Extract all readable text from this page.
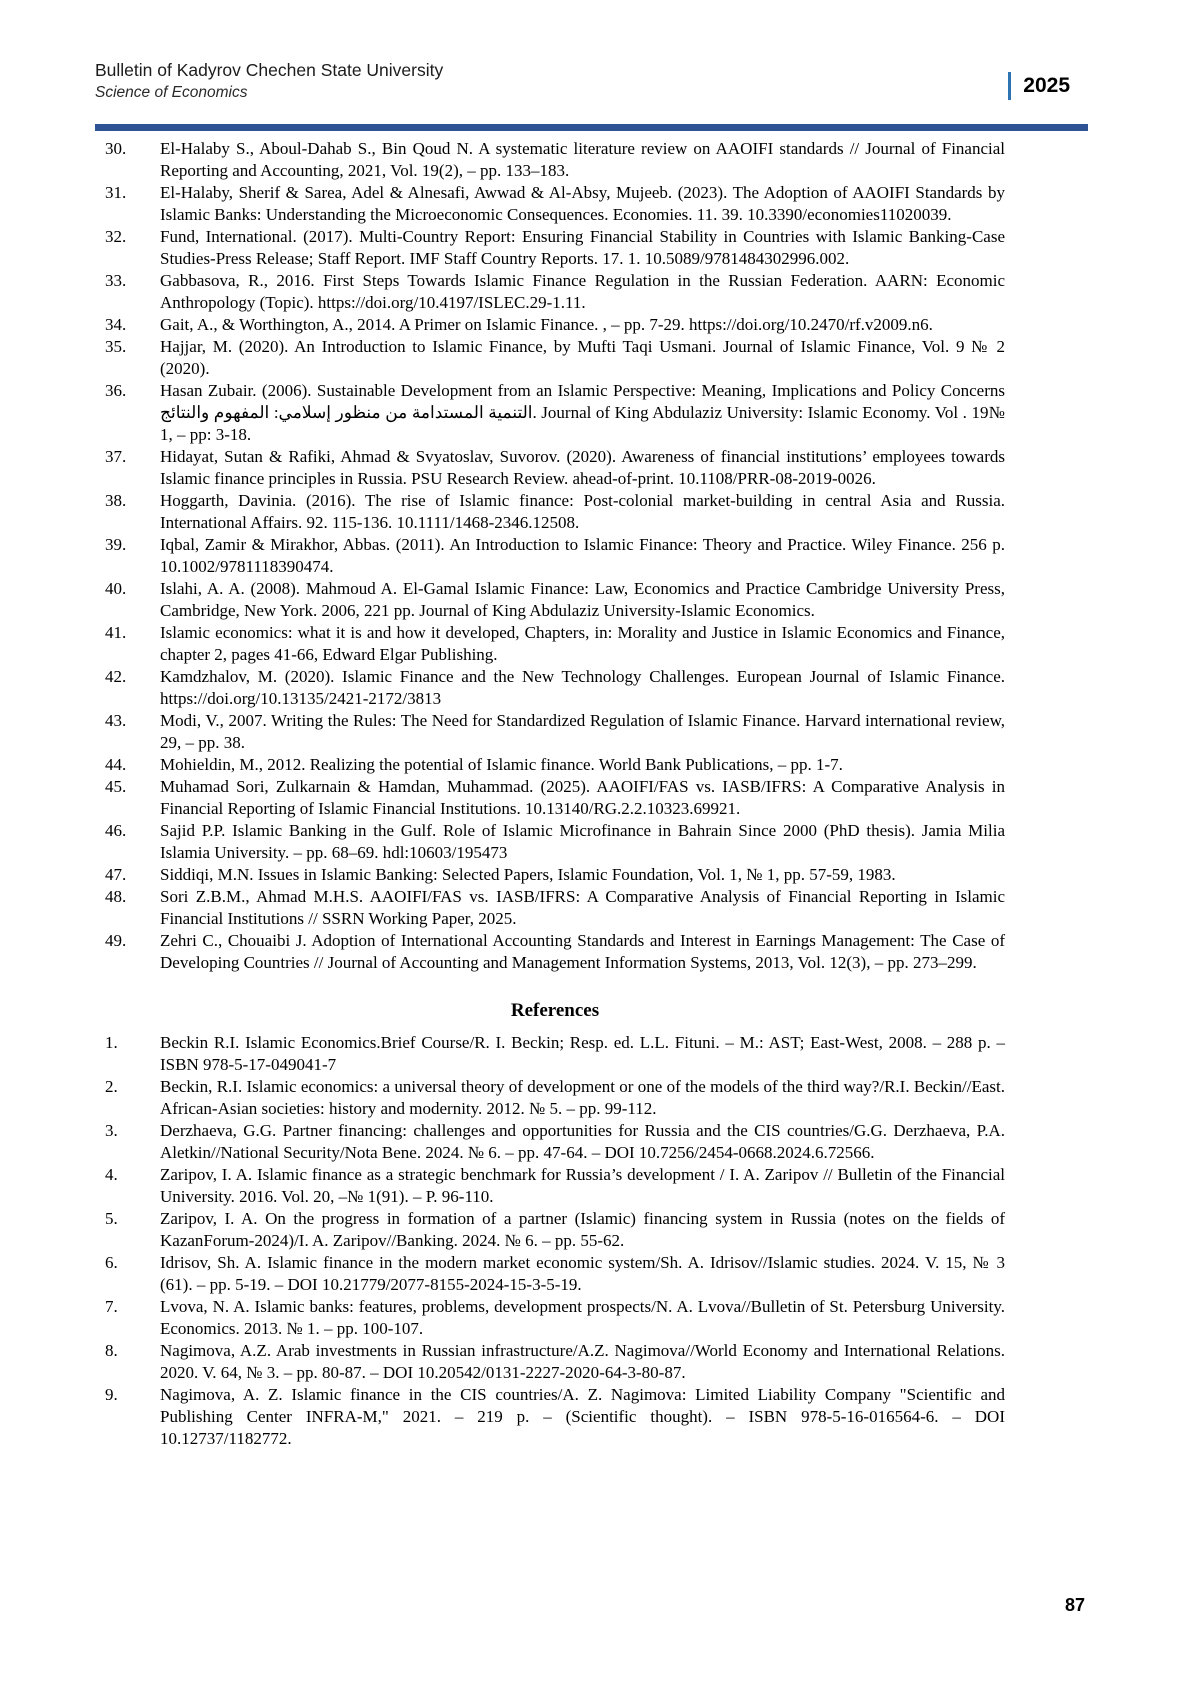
Bulletin of Kadyrov Chechen State University
Science of Economics	2025
30.	El-Halaby S., Aboul-Dahab S., Bin Qoud N. A systematic literature review on AAOIFI standards // Journal of Financial Reporting and Accounting, 2021, Vol. 19(2), – pp. 133–183.
31.	El-Halaby, Sherif & Sarea, Adel & Alnesafi, Awwad & Al-Absy, Mujeeb. (2023). The Adoption of AAOIFI Standards by Islamic Banks: Understanding the Microeconomic Consequences. Economies. 11. 39. 10.3390/economies11020039.
32.	Fund, International. (2017). Multi-Country Report: Ensuring Financial Stability in Countries with Islamic Banking-Case Studies-Press Release; Staff Report. IMF Staff Country Reports. 17. 1. 10.5089/9781484302996.002.
33.	Gabbasova, R., 2016. First Steps Towards Islamic Finance Regulation in the Russian Federation. AARN: Economic Anthropology (Topic). https://doi.org/10.4197/ISLEC.29-1.11.
34.	Gait, A., & Worthington, A., 2014. A Primer on Islamic Finance. , – pp. 7-29. https://doi.org/10.2470/rf.v2009.n6.
35.	Hajjar, M. (2020). An Introduction to Islamic Finance, by Mufti Taqi Usmani. Journal of Islamic Finance, Vol. 9 № 2 (2020).
36.	Hasan Zubair. (2006). Sustainable Development from an Islamic Perspective: Meaning, Implications and Policy Concerns التنمية المستدامة من منظور إسلامي: المفهوم والنتائج. Journal of King Abdulaziz University: Islamic Economy. Vol . 19№ 1, – pp: 3-18.
37.	Hidayat, Sutan & Rafiki, Ahmad & Svyatoslav, Suvorov. (2020). Awareness of financial institutions’ employees towards Islamic finance principles in Russia. PSU Research Review. ahead-of-print. 10.1108/PRR-08-2019-0026.
38.	Hoggarth, Davinia. (2016). The rise of Islamic finance: Post-colonial market-building in central Asia and Russia. International Affairs. 92. 115-136. 10.1111/1468-2346.12508.
39.	Iqbal, Zamir & Mirakhor, Abbas. (2011). An Introduction to Islamic Finance: Theory and Practice. Wiley Finance. 256 p. 10.1002/9781118390474.
40.	Islahi, A. A. (2008). Mahmoud A. El-Gamal Islamic Finance: Law, Economics and Practice Cambridge University Press, Cambridge, New York. 2006, 221 pp. Journal of King Abdulaziz University-Islamic Economics.
41.	Islamic economics: what it is and how it developed, Chapters, in: Morality and Justice in Islamic Economics and Finance, chapter 2, pages 41-66, Edward Elgar Publishing.
42.	Kamdzhalov, M. (2020). Islamic Finance and the New Technology Challenges. European Journal of Islamic Finance. https://doi.org/10.13135/2421-2172/3813
43.	Modi, V., 2007. Writing the Rules: The Need for Standardized Regulation of Islamic Finance. Harvard international review, 29, – pp. 38.
44.	Mohieldin, M., 2012. Realizing the potential of Islamic finance. World Bank Publications, – pp. 1-7.
45.	Muhamad Sori, Zulkarnain & Hamdan, Muhammad. (2025). AAOIFI/FAS vs. IASB/IFRS: A Comparative Analysis in Financial Reporting of Islamic Financial Institutions. 10.13140/RG.2.2.10323.69921.
46.	Sajid P.P. Islamic Banking in the Gulf. Role of Islamic Microfinance in Bahrain Since 2000 (PhD thesis). Jamia Milia Islamia University. – pp. 68–69. hdl:10603/195473
47.	Siddiqi, M.N. Issues in Islamic Banking: Selected Papers, Islamic Foundation, Vol. 1, № 1, pp. 57-59, 1983.
48.	Sori Z.B.M., Ahmad M.H.S. AAOIFI/FAS vs. IASB/IFRS: A Comparative Analysis of Financial Reporting in Islamic Financial Institutions // SSRN Working Paper, 2025.
49.	Zehri C., Chouaibi J. Adoption of International Accounting Standards and Interest in Earnings Management: The Case of Developing Countries // Journal of Accounting and Management Information Systems, 2013, Vol. 12(3), – pp. 273–299.
References
1.	Beckin R.I. Islamic Economics.Brief Course/R. I. Beckin; Resp. ed. L.L. Fituni. – M.: AST; East-West, 2008. – 288 p. – ISBN 978-5-17-049041-7
2.	Beckin, R.I. Islamic economics: a universal theory of development or one of the models of the third way?/R.I. Beckin//East. African-Asian societies: history and modernity. 2012. № 5. – pp. 99-112.
3.	Derzhaeva, G.G. Partner financing: challenges and opportunities for Russia and the CIS countries/G.G. Derzhaeva, P.A. Aletkin//National Security/Nota Bene. 2024. № 6. – pp. 47-64. – DOI 10.7256/2454-0668.2024.6.72566.
4.	Zaripov, I. A. Islamic finance as a strategic benchmark for Russia’s development / I. A. Zaripov // Bulletin of the Financial University. 2016. Vol. 20, –№ 1(91). – P. 96-110.
5.	Zaripov, I. A. On the progress in formation of a partner (Islamic) financing system in Russia (notes on the fields of KazanForum-2024)/I. A. Zaripov//Banking. 2024. № 6. – pp. 55-62.
6.	Idrisov, Sh. A. Islamic finance in the modern market economic system/Sh. A. Idrisov//Islamic studies. 2024. V. 15, № 3 (61). – pp. 5-19. – DOI 10.21779/2077-8155-2024-15-3-5-19.
7.	Lvova, N. A. Islamic banks: features, problems, development prospects/N. A. Lvova//Bulletin of St. Petersburg University. Economics. 2013. № 1. – pp. 100-107.
8.	Nagimova, A.Z. Arab investments in Russian infrastructure/A.Z. Nagimova//World Economy and International Relations. 2020. V. 64, № 3. – pp. 80-87. – DOI 10.20542/0131-2227-2020-64-3-80-87.
9.	Nagimova, A. Z. Islamic finance in the CIS countries/A. Z. Nagimova: Limited Liability Company "Scientific and Publishing Center INFRA-M," 2021. – 219 p. – (Scientific thought). – ISBN 978-5-16-016564-6. – DOI 10.12737/1182772.
87
